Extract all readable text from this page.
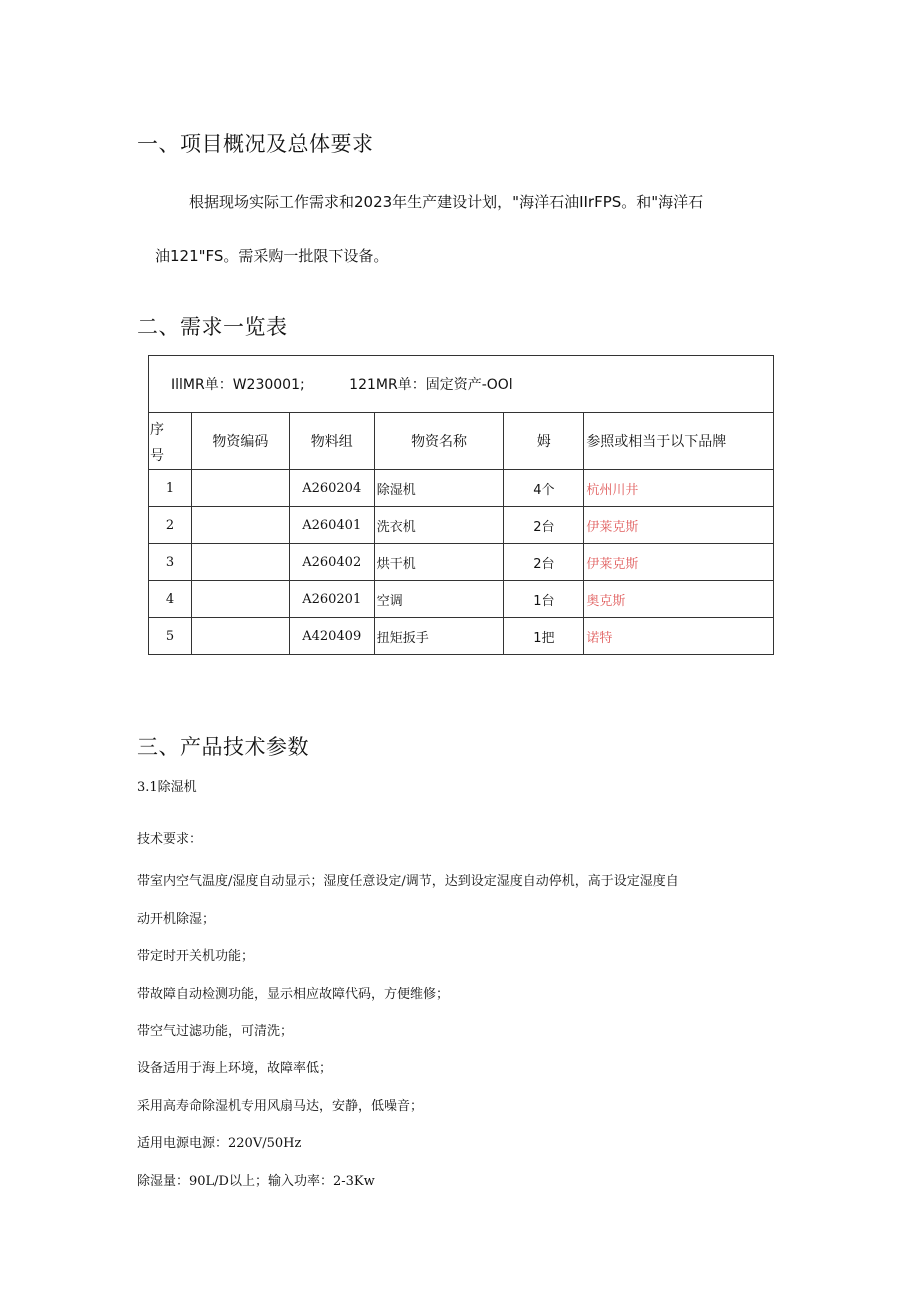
一、项目概况及总体要求
根据现场实际工作需求和2023年生产建设计划，"海洋石油IIrFPS。和"海洋石
油121"FS。需采购一批限下设备。
二、需求一览表
IllMR单：W230001; 121MR单：固定资产-OOl					

序
号	物资编码	物料组	物资名称	姆	参照或相当于以下品牌
1		A260204	除湿机	4个	杭州川井
2		A260401	洗衣机	2台	伊莱克斯
3		A260402	烘干机	2台	伊莱克斯
4		A260201	空调	1台	奥克斯
5		A420409	扭矩扳手	1把	诺特
三、产品技术参数
3.1除湿机
技术要求：
带室内空气温度/湿度自动显示；湿度任意设定/调节，达到设定湿度自动停机，高于设定湿度自
动开机除湿；
带定时开关机功能；
带故障自动检测功能，显示相应故障代码，方便维修；
带空气过滤功能，可清洗；
设备适用于海上环境，故障率低；
采用高寿命除湿机专用风扇马达，安静，低噪音；
适用电源电源：220V/50Hz
除湿量：90L/D以上；输入功率：2-3Kw
